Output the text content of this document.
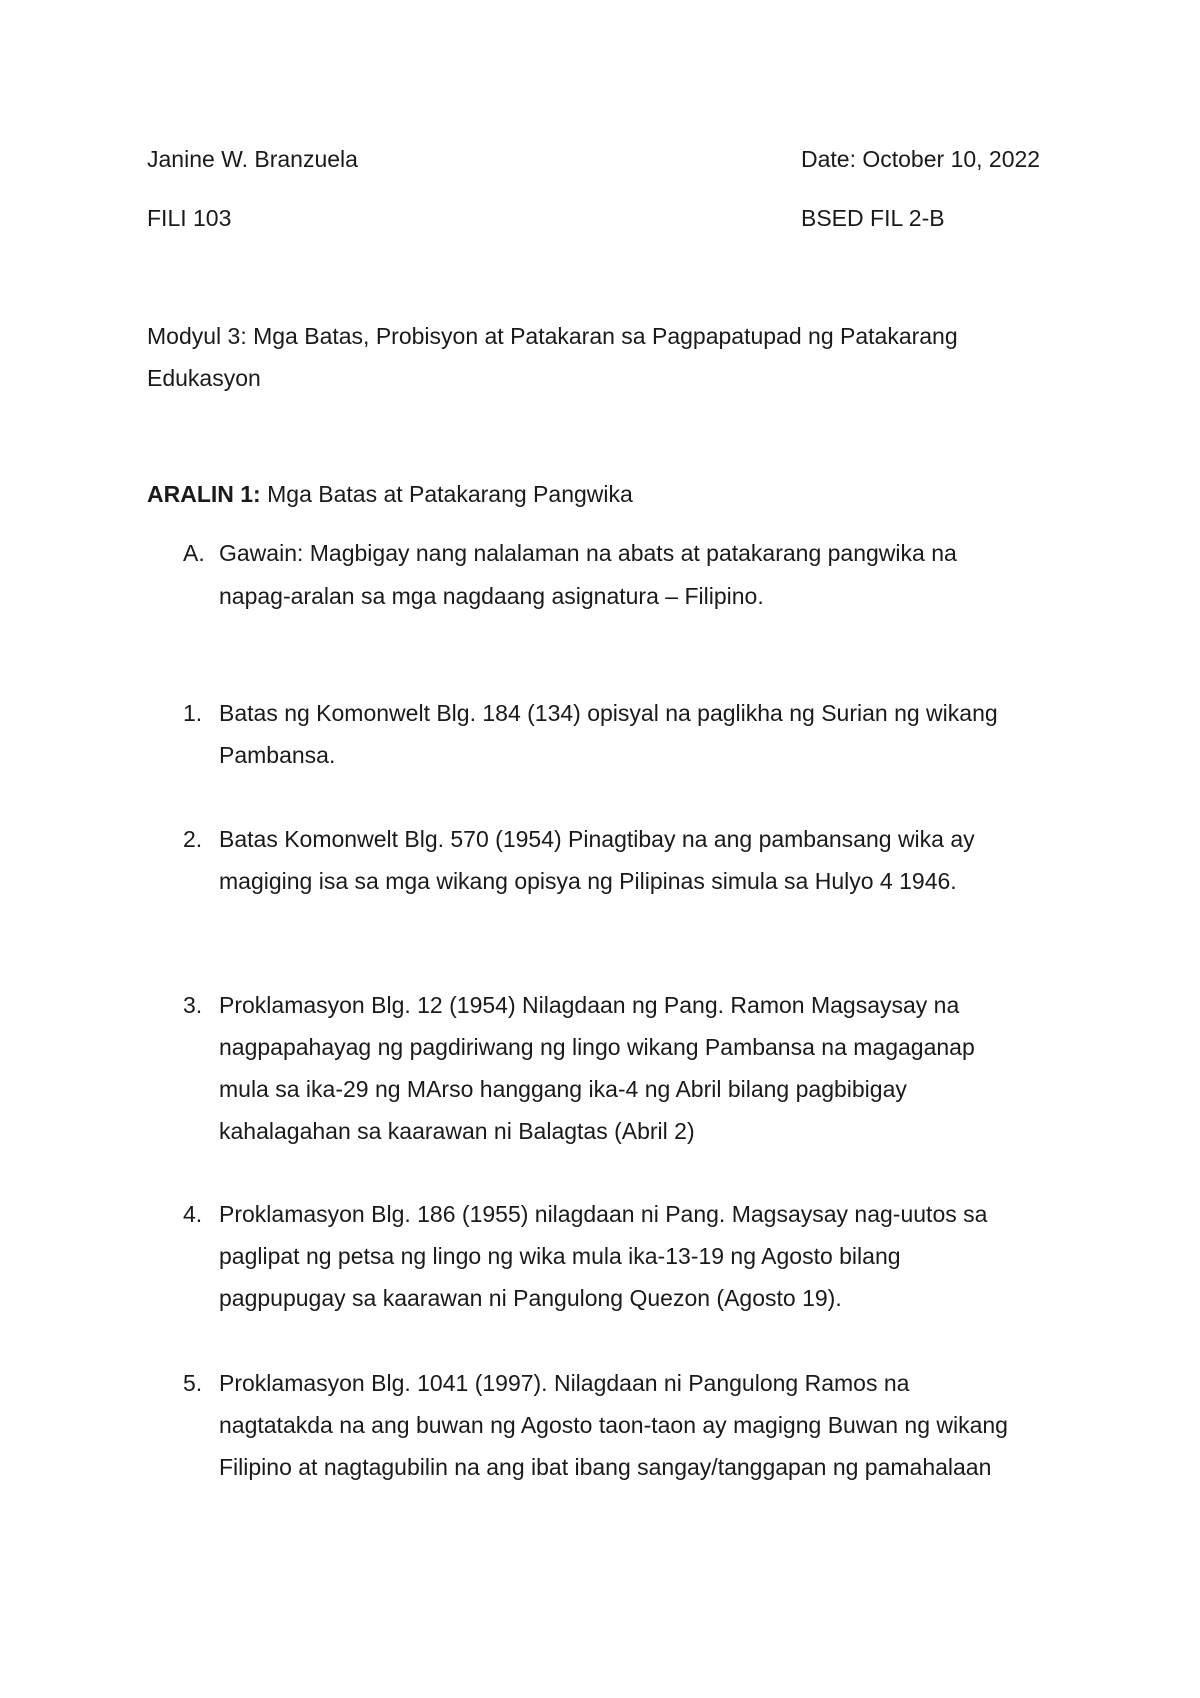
Janine W. Branzuela	Date: October 10, 2022
FILI 103	BSED FIL 2-B
Modyul 3: Mga Batas, Probisyon at Patakaran sa Pagpapatupad ng Patakarang
Edukasyon
ARALIN 1: Mga Batas at Patakarang Pangwika
A. Gawain: Magbigay nang nalalaman na abats at patakarang pangwika na
napag-aralan sa mga nagdaang asignatura – Filipino.
1. Batas ng Komonwelt Blg. 184 (134) opisyal na paglikha ng Surian ng wikang
Pambansa.
2. Batas Komonwelt Blg. 570 (1954) Pinagtibay na ang pambansang wika ay
magiging isa sa mga wikang opisya ng Pilipinas simula sa Hulyo 4 1946.
3. Proklamasyon Blg. 12 (1954) Nilagdaan ng Pang. Ramon Magsaysay na
nagpapahayag ng pagdiriwang ng lingo wikang Pambansa na magaganap
mula sa ika-29 ng MArso hanggang ika-4 ng Abril bilang pagbibigay
kahalagahan sa kaarawan ni Balagtas (Abril 2)
4. Proklamasyon Blg. 186 (1955) nilagdaan ni Pang. Magsaysay nag-uutos sa
paglipat ng petsa ng lingo ng wika mula ika-13-19 ng Agosto bilang
pagpupugay sa kaarawan ni Pangulong Quezon (Agosto 19).
5. Proklamasyon Blg. 1041 (1997). Nilagdaan ni Pangulong Ramos na
nagtatakda na ang buwan ng Agosto taon-taon ay magigng Buwan ng wikang
Filipino at nagtagubilin na ang ibat ibang sangay/tanggapan ng pamahalaan
